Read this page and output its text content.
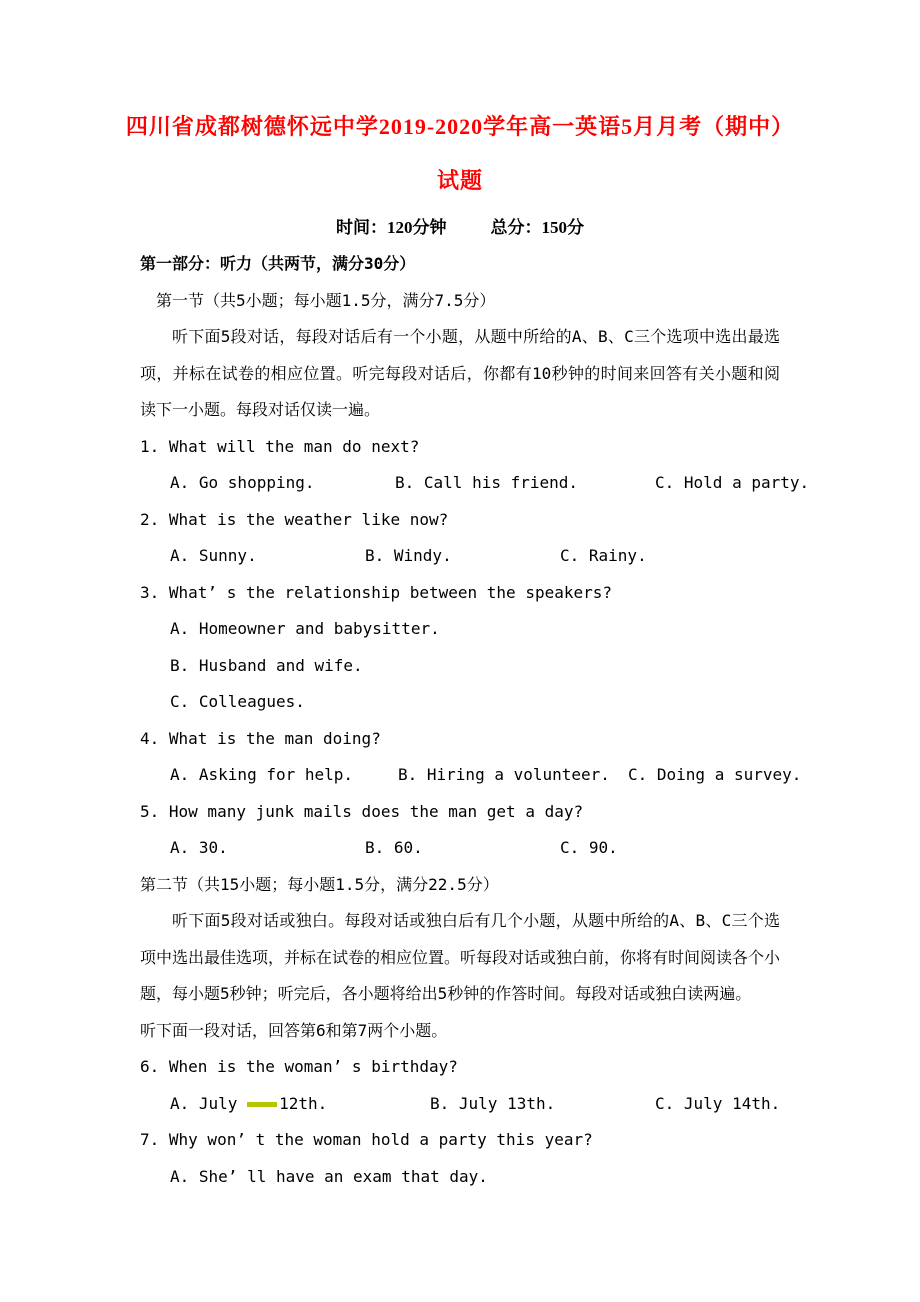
四川省成都树德怀远中学2019-2020学年高一英语5月月考（期中）
试题
时间：120分钟	总分：150分
第一部分：听力（共两节，满分30分）
第一节（共5小题；每小题1.5分，满分7.5分）

听下面5段对话，每段对话后有一个小题，从题中所给的A、B、C三个选项中选出最选项，并标在试卷的相应位置。听完每段对话后，你都有10秒钟的时间来回答有关小题和阅读下一小题。每段对话仅读一遍。

1. What will the man do next?
A. Go shopping.	B. Call his friend.	C. Hold a party.
2. What is the weather like now?
A. Sunny.	B. Windy.	C. Rainy.
3. What’ s the relationship between the speakers?
A. Homeowner and babysitter.
B. Husband and wife.
C. Colleagues.
4. What is the man doing?
A. Asking for help.	B. Hiring a volunteer. C. Doing a survey.
5. How many junk mails does the man get a day?
A. 30.	B. 60.	C. 90.
第二节（共15小题；每小题1.5分，满分22.5分）

听下面5段对话或独白。每段对话或独白后有几个小题，从题中所给的A、B、C三个选项中选出最佳选项，并标在试卷的相应位置。听每段对话或独白前，你将有时间阅读各个小题，每小题5秒钟；听完后，各小题将给出5秒钟的作答时间。每段对话或独白读两遍。

听下面一段对话，回答第6和第7两个小题。
6. When is the woman’ s birthday?
A. July 12th.	B. July 13th.	C. July 14th.
7. Why won’ t the woman hold a party this year?
A. She’ ll have an exam that day.
